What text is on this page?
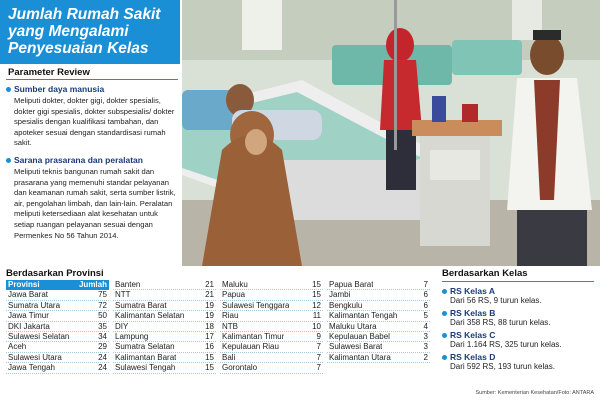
Jumlah Rumah Sakit yang Mengalami Penyesuaian Kelas
Parameter Review
Sumber daya manusia
Meliputi dokter, dokter gigi, dokter spesialis, dokter gigi spesialis, dokter subspesialis/ dokter spesialis dengan kualifikasi tambahan, dan apoteker sesuai dengan standardisasi rumah sakit.
Sarana prasarana dan peralatan
Meliputi teknis bangunan rumah sakit dan prasarana yang memenuhi standar pelayanan dan keamanan rumah sakit, serta sumber listrik, air, pengolahan limbah, dan lain-lain. Peralatan meliputi ketersediaan alat kesehatan untuk setiap ruangan pelayanan sesuai dengan Permenkes No 56 Tahun 2014.
Berdasarkan Provinsi
Provinsi	Jumlah
Jawa Barat	75
Sumatra Utara	72
Jawa Timur	50
DKI Jakarta	35
Sulawesi Selatan	34
Aceh	29
Sulawesi Utara	24
Jawa Tengah	24
Banten	21
NTT	21
Sumatra Barat	19
Kalimantan Selatan	19
DIY	18
Lampung	17
Sumatra Selatan	16
Kalimantan Barat	15
Sulawesi Tengah	15
Maluku	15
Papua	15
Sulawesi Tenggara	12
Riau	11
NTB	10
Kalimantan Timur	9
Kepulauan Riau	7
Bali	7
Gorontalo	7
Papua Barat	7
Jambi	6
Bengkulu	6
Kalimantan Tengah	5
Maluku Utara	4
Kepulauan Babel	3
Sulawesi Barat	3
Kalimantan Utara	2
Berdasarkan Kelas
RS Kelas A
Dari 56 RS, 9 turun kelas.
RS Kelas B
Dari 358 RS, 88 turun kelas.
RS Kelas C
Dari 1.164 RS, 325 turun kelas.
RS Kelas D
Dari 592 RS, 193 turun kelas.
Sumber: Kementerian Kesehatan/Foto: ANTARA
